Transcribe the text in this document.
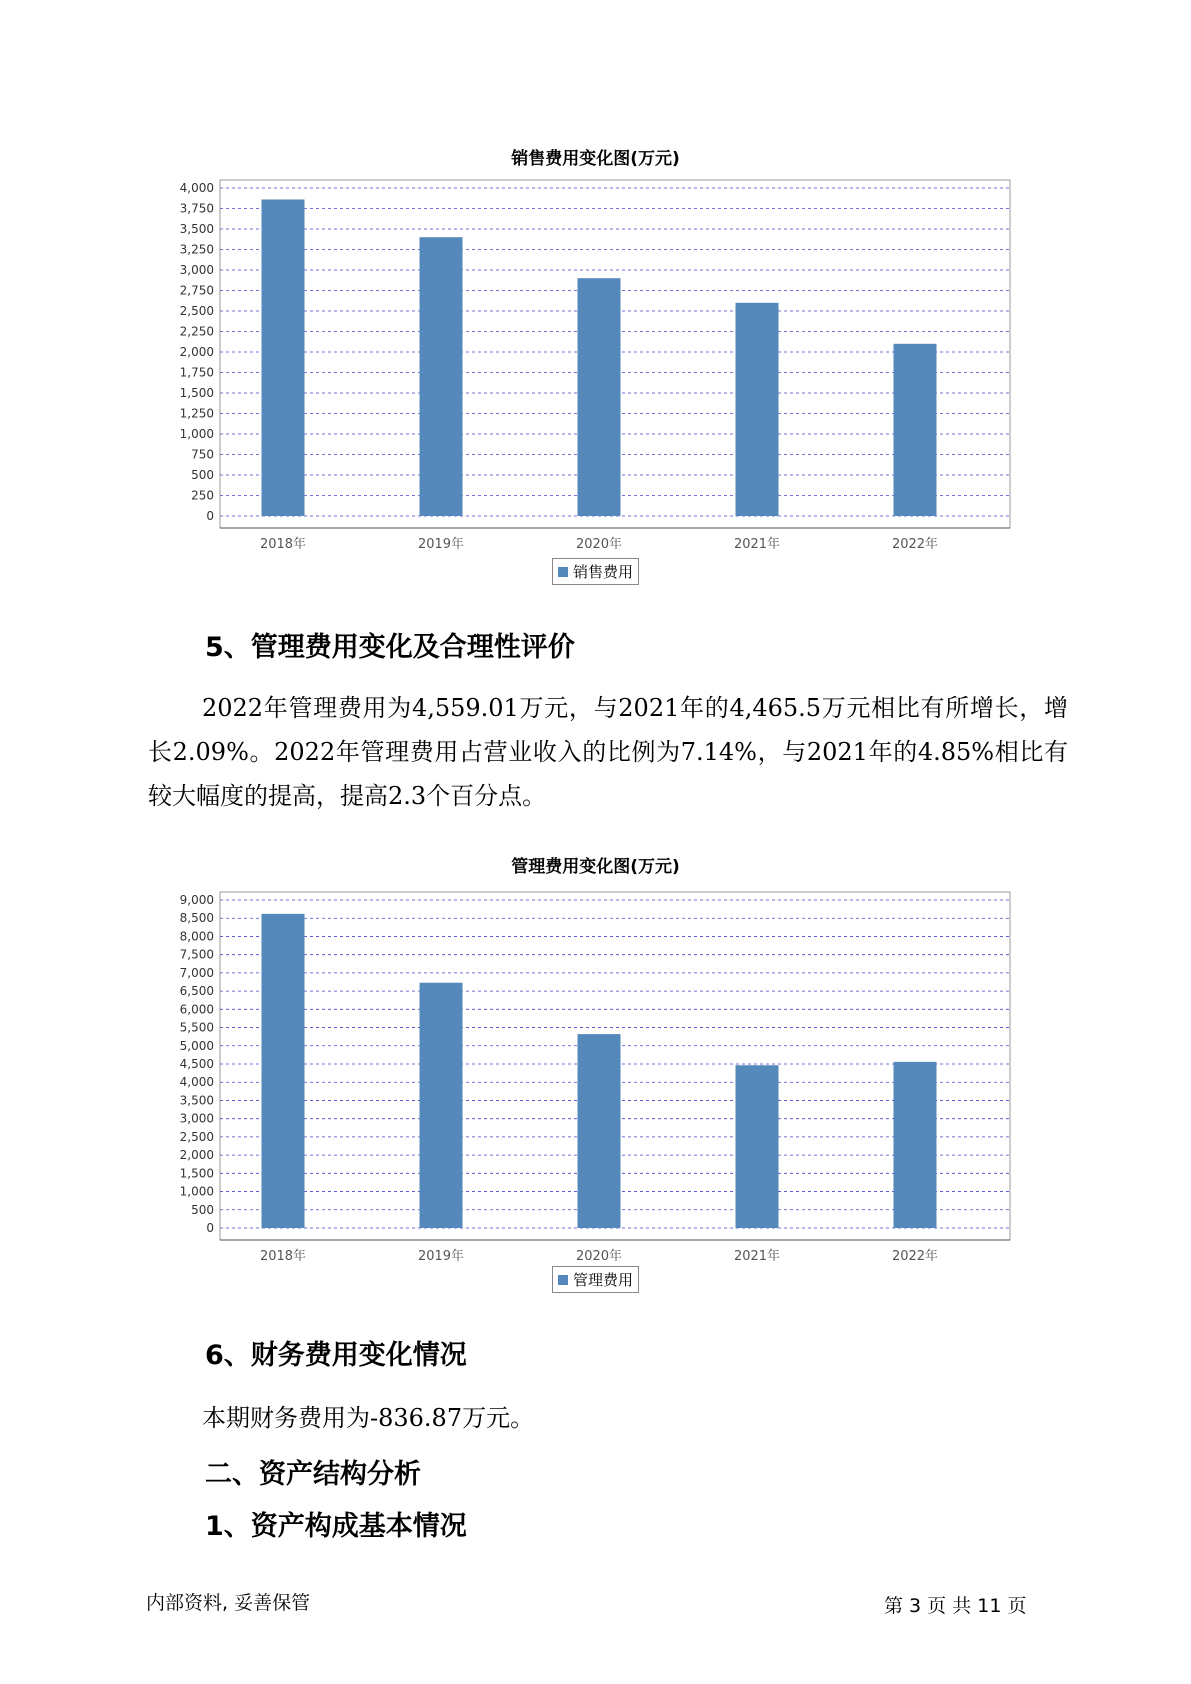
销售费用变化图(万元)
0
250
500
750
1,000
1,250
1,500
1,750
2,000
2,250
2,500
2,750
3,000
3,250
3,500
3,750
4,000
2018年	2019年	2020年	2021年	2022年
销售费用
5、管理费用变化及合理性评价
2022年管理费用为4,559.01万元，与2021年的4,465.5万元相比有所增长，增长2.09%。2022年管理费用占营业收入的比例为7.14%，与2021年的4.85%相比有较大幅度的提高，提高2.3个百分点。
管理费用变化图(万元)
0
500
1,000
1,500
2,000
2,500
3,000
3,500
4,000
4,500
5,000
5,500
6,000
6,500
7,000
7,500
8,000
8,500
9,000
2018年	2019年	2020年	2021年	2022年
管理费用
6、财务费用变化情况
本期财务费用为-836.87万元。
二、资产结构分析
1、资产构成基本情况
内部资料, 妥善保管	第 3 页 共 11 页
